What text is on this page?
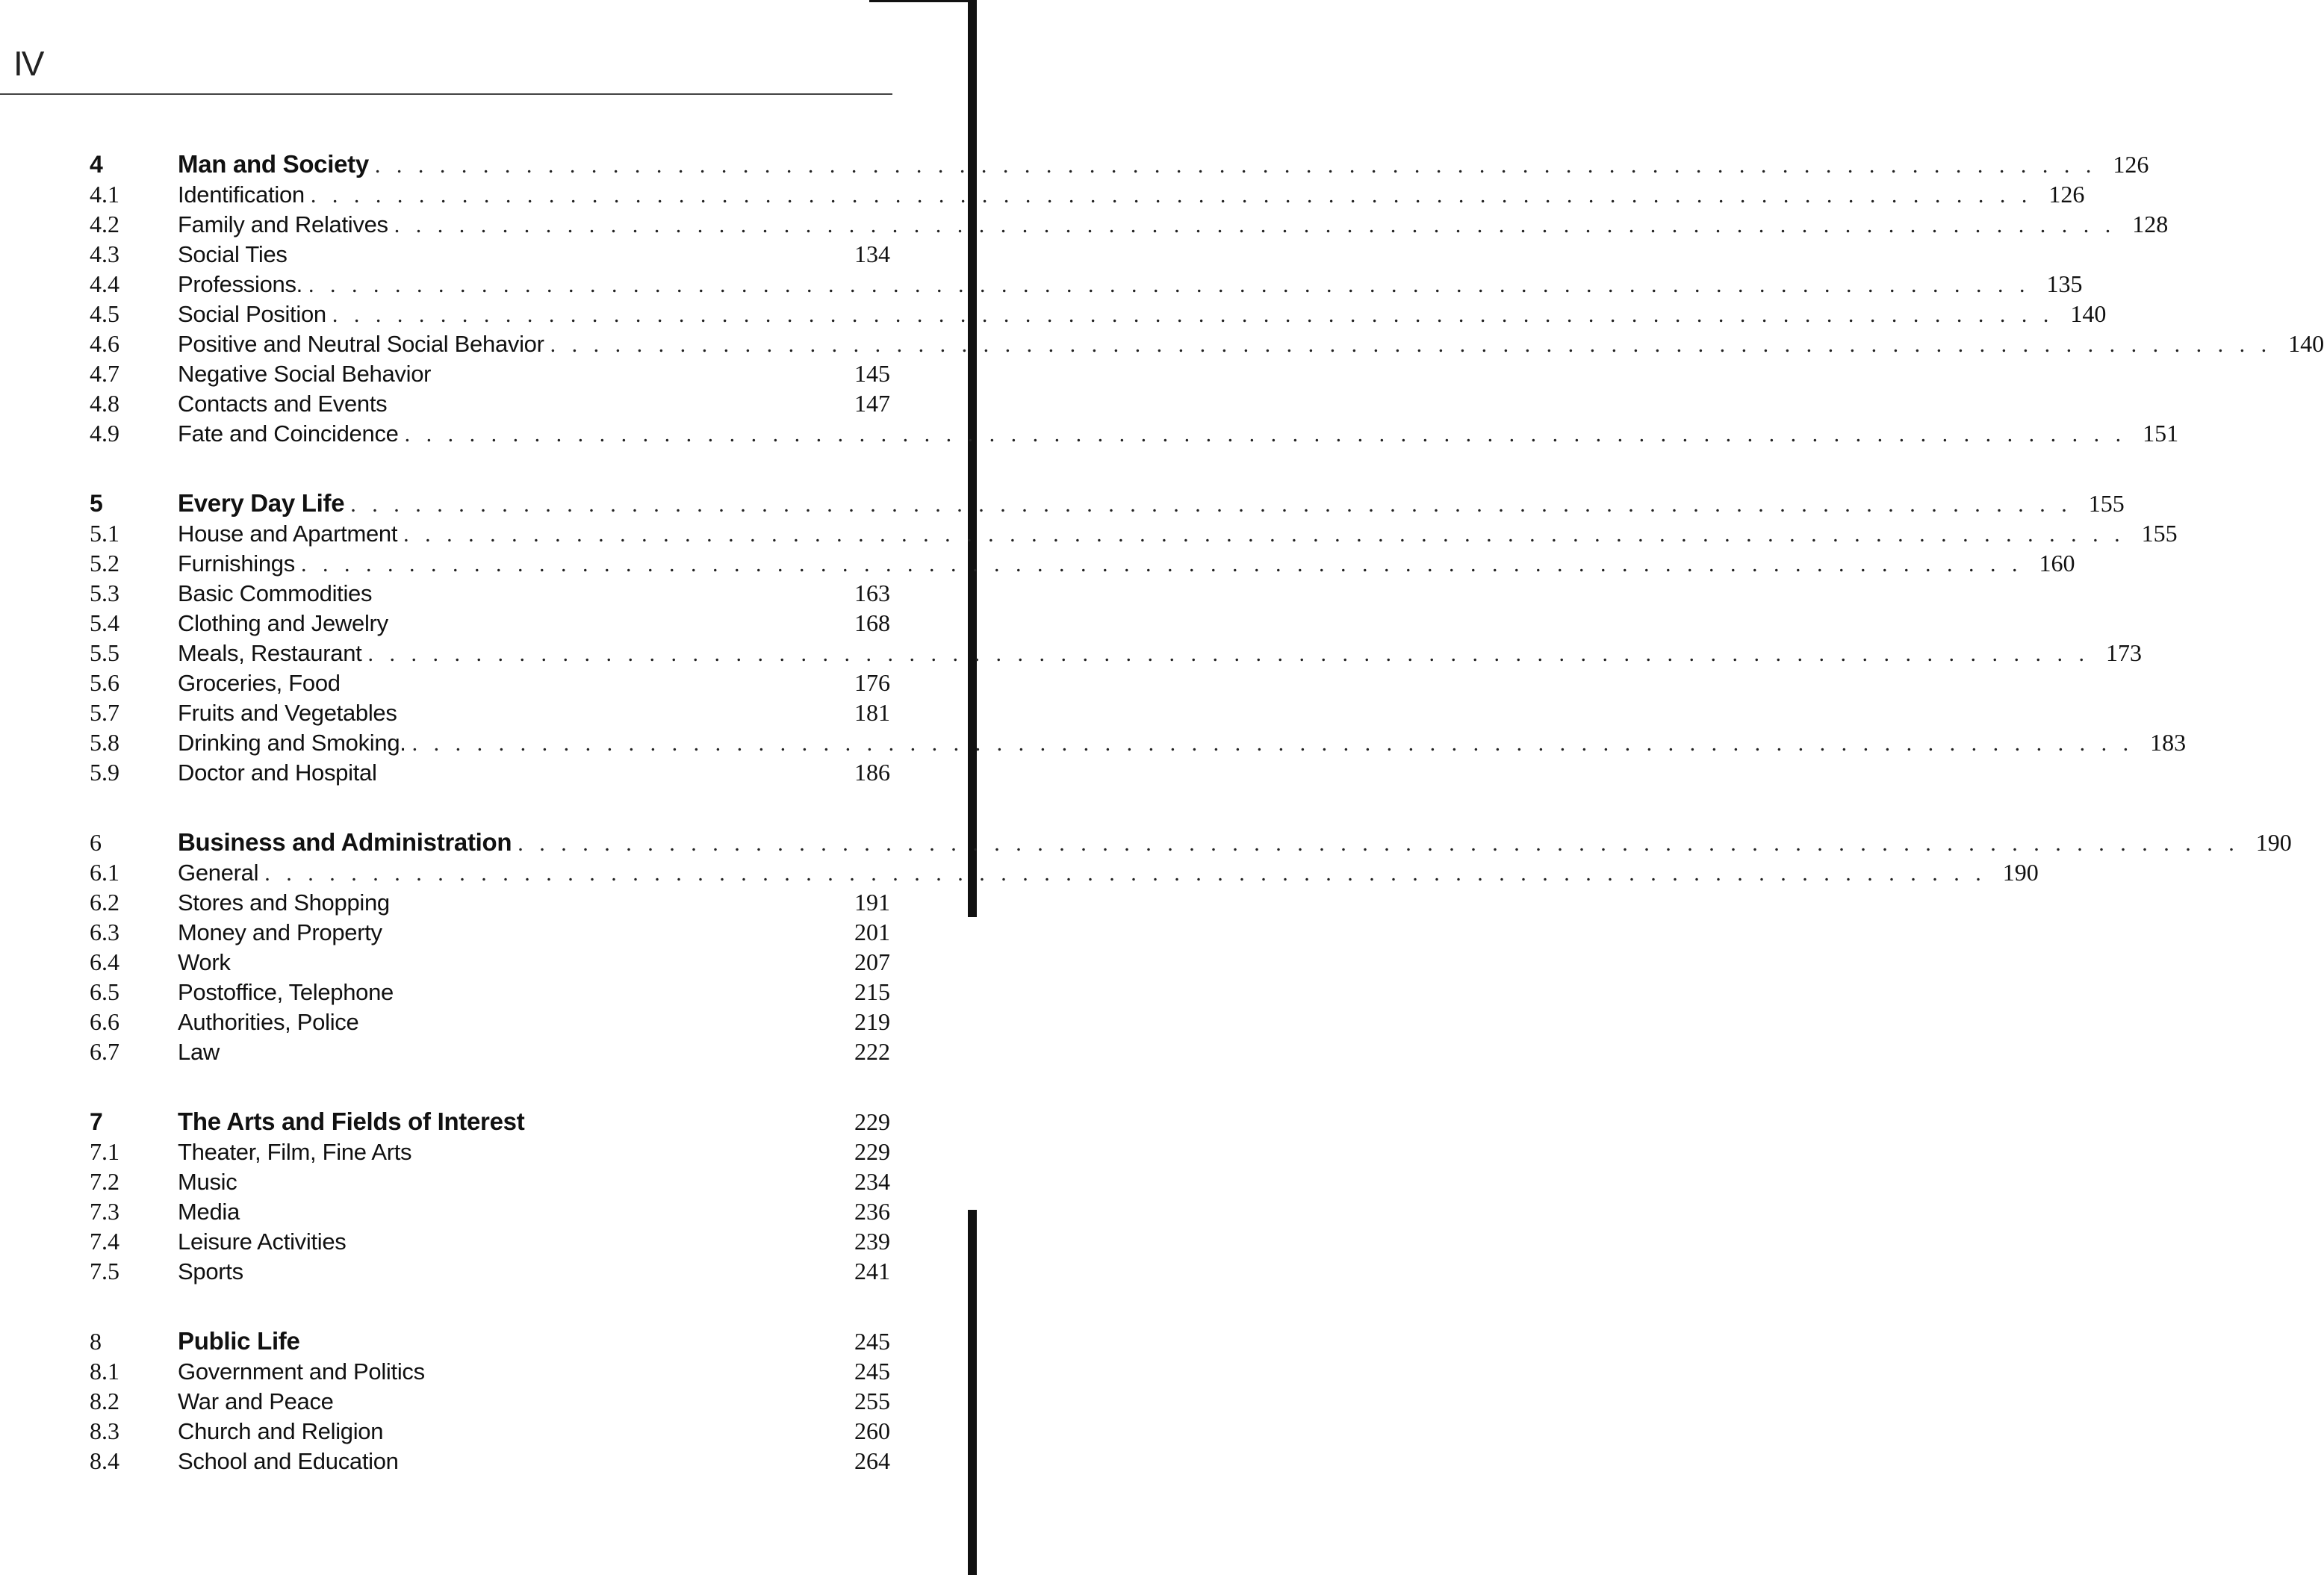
IV
4	Man and Society . . . . . . . . . . . . . . . . . . . . . . . . . . . . . . . . . . . . . . . . . . . . . . . . . . . . . . . . . . . . . . . . . . . . . . . . . . . . . . . . 126
4.1	Identification . . . . . . . . . . . . . . . . . . . . . . . . . . . . . . . . . . . . . . . . . . . . . . . . . . . . . . . . . . . . . . . . . . . . . . . . . . . . . . . . 126
4.2	Family and Relatives . . . . . . . . . . . . . . . . . . . . . . . . . . . . . . . . . . . . . . . . . . . . . . . . . . . . . . . . . . . . . . . . . . . . . . . . . . . . . . . . 128
4.3	Social Ties	134
4.4	Professions. . . . . . . . . . . . . . . . . . . . . . . . . . . . . . . . . . . . . . . . . . . . . . . . . . . . . . . . . . . . . . . . . . . . . . . . . . . . . . . . . 135
4.5	Social Position . . . . . . . . . . . . . . . . . . . . . . . . . . . . . . . . . . . . . . . . . . . . . . . . . . . . . . . . . . . . . . . . . . . . . . . . . . . . . . . . 140
4.6	Positive and Neutral Social Behavior . . . . . . . . . . . . . . . . . . . . . . . . . . . . . . . . . . . . . . . . . . . . . . . . . . . . . . . . . . . . . . . . . . . . . . . . . . . . . . . . 140
4.7	Negative Social Behavior	145
4.8	Contacts and Events	147
4.9	Fate and Coincidence . . . . . . . . . . . . . . . . . . . . . . . . . . . . . . . . . . . . . . . . . . . . . . . . . . . . . . . . . . . . . . . . . . . . . . . . . . . . . . . . 151
5	Every Day Life . . . . . . . . . . . . . . . . . . . . . . . . . . . . . . . . . . . . . . . . . . . . . . . . . . . . . . . . . . . . . . . . . . . . . . . . . . . . . . . . 155
5.1	House and Apartment . . . . . . . . . . . . . . . . . . . . . . . . . . . . . . . . . . . . . . . . . . . . . . . . . . . . . . . . . . . . . . . . . . . . . . . . . . . . . . . . 155
5.2	Furnishings . . . . . . . . . . . . . . . . . . . . . . . . . . . . . . . . . . . . . . . . . . . . . . . . . . . . . . . . . . . . . . . . . . . . . . . . . . . . . . . . 160
5.3	Basic Commodities	163
5.4	Clothing and Jewelry	168
5.5	Meals, Restaurant . . . . . . . . . . . . . . . . . . . . . . . . . . . . . . . . . . . . . . . . . . . . . . . . . . . . . . . . . . . . . . . . . . . . . . . . . . . . . . . . 173
5.6	Groceries, Food	176
5.7	Fruits and Vegetables	181
5.8	Drinking and Smoking. . . . . . . . . . . . . . . . . . . . . . . . . . . . . . . . . . . . . . . . . . . . . . . . . . . . . . . . . . . . . . . . . . . . . . . . . . . . . . . . . 183
5.9	Doctor and Hospital	186
6	Business and Administration . . . . . . . . . . . . . . . . . . . . . . . . . . . . . . . . . . . . . . . . . . . . . . . . . . . . . . . . . . . . . . . . . . . . . . . . . . . . . . . . 190
6.1	General . . . . . . . . . . . . . . . . . . . . . . . . . . . . . . . . . . . . . . . . . . . . . . . . . . . . . . . . . . . . . . . . . . . . . . . . . . . . . . . . 190
6.2	Stores and Shopping	191
6.3	Money and Property	201
6.4	Work	207
6.5	Postoffice, Telephone	215
6.6	Authorities, Police	219
6.7	Law	222
7	The Arts and Fields of Interest	229
7.1	Theater, Film, Fine Arts	229
7.2	Music	234
7.3	Media	236
7.4	Leisure Activities	239
7.5	Sports	241
8	Public Life	245
8.1	Government and Politics	245
8.2	War and Peace	255
8.3	Church and Religion	260
8.4	School and Education	264
